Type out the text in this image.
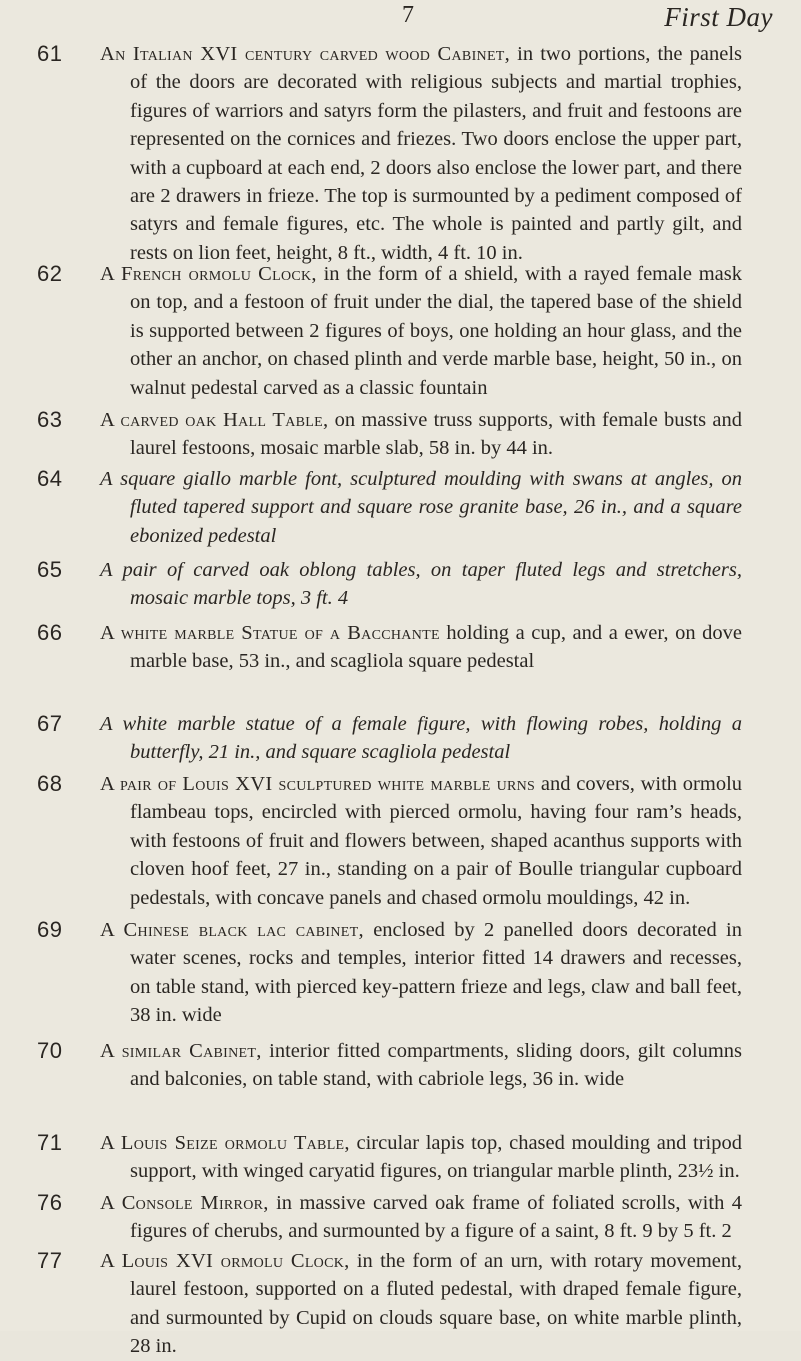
7	First Day
61 An Italian XVI century carved wood Cabinet, in two portions, the panels of the doors are decorated with religious subjects and martial trophies, figures of warriors and satyrs form the pilasters, and fruit and festoons are represented on the cornices and friezes. Two doors enclose the upper part, with a cupboard at each end, 2 doors also enclose the lower part, and there are 2 drawers in frieze. The top is surmounted by a pediment composed of satyrs and female figures, etc. The whole is painted and partly gilt, and rests on lion feet, height, 8 ft., width, 4 ft. 10 in.
62 A French ormolu Clock, in the form of a shield, with a rayed female mask on top, and a festoon of fruit under the dial, the tapered base of the shield is supported between 2 figures of boys, one holding an hour glass, and the other an anchor, on chased plinth and verde marble base, height, 50 in., on walnut pedestal carved as a classic fountain
63 A carved oak Hall Table, on massive truss supports, with female busts and laurel festoons, mosaic marble slab, 58 in. by 44 in.
64 A square giallo marble font, sculptured moulding with swans at angles, on fluted tapered support and square rose granite base, 26 in., and a square ebonized pedestal
65 A pair of carved oak oblong tables, on taper fluted legs and stretchers, mosaic marble tops, 3 ft. 4
66 A white marble Statue of a Bacchante holding a cup, and a ewer, on dove marble base, 53 in., and scagliola square pedestal
67 A white marble statue of a female figure, with flowing robes, holding a butterfly, 21 in., and square scagliola pedestal
68 A pair of Louis XVI sculptured white marble urns and covers, with ormolu flambeau tops, encircled with pierced ormolu, having four ram’s heads, with festoons of fruit and flowers between, shaped acanthus supports with cloven hoof feet, 27 in., standing on a pair of Boulle triangular cupboard pedestals, with concave panels and chased ormolu mouldings, 42 in.
69 A Chinese black lac cabinet, enclosed by 2 panelled doors decorated in water scenes, rocks and temples, interior fitted 14 drawers and recesses, on table stand, with pierced key-pattern frieze and legs, claw and ball feet, 38 in. wide
70 A similar Cabinet, interior fitted compartments, sliding doors, gilt columns and balconies, on table stand, with cabriole legs, 36 in. wide
71 A Louis Seize ormolu Table, circular lapis top, chased moulding and tripod support, with winged caryatid figures, on triangular marble plinth, 23½ in.
76 A Console Mirror, in massive carved oak frame of foliated scrolls, with 4 figures of cherubs, and surmounted by a figure of a saint, 8 ft. 9 by 5 ft. 2
77 A Louis XVI ormolu Clock, in the form of an urn, with rotary movement, laurel festoon, supported on a fluted pedestal, with draped female figure, and surmounted by Cupid on clouds square base, on white marble plinth, 28 in.
